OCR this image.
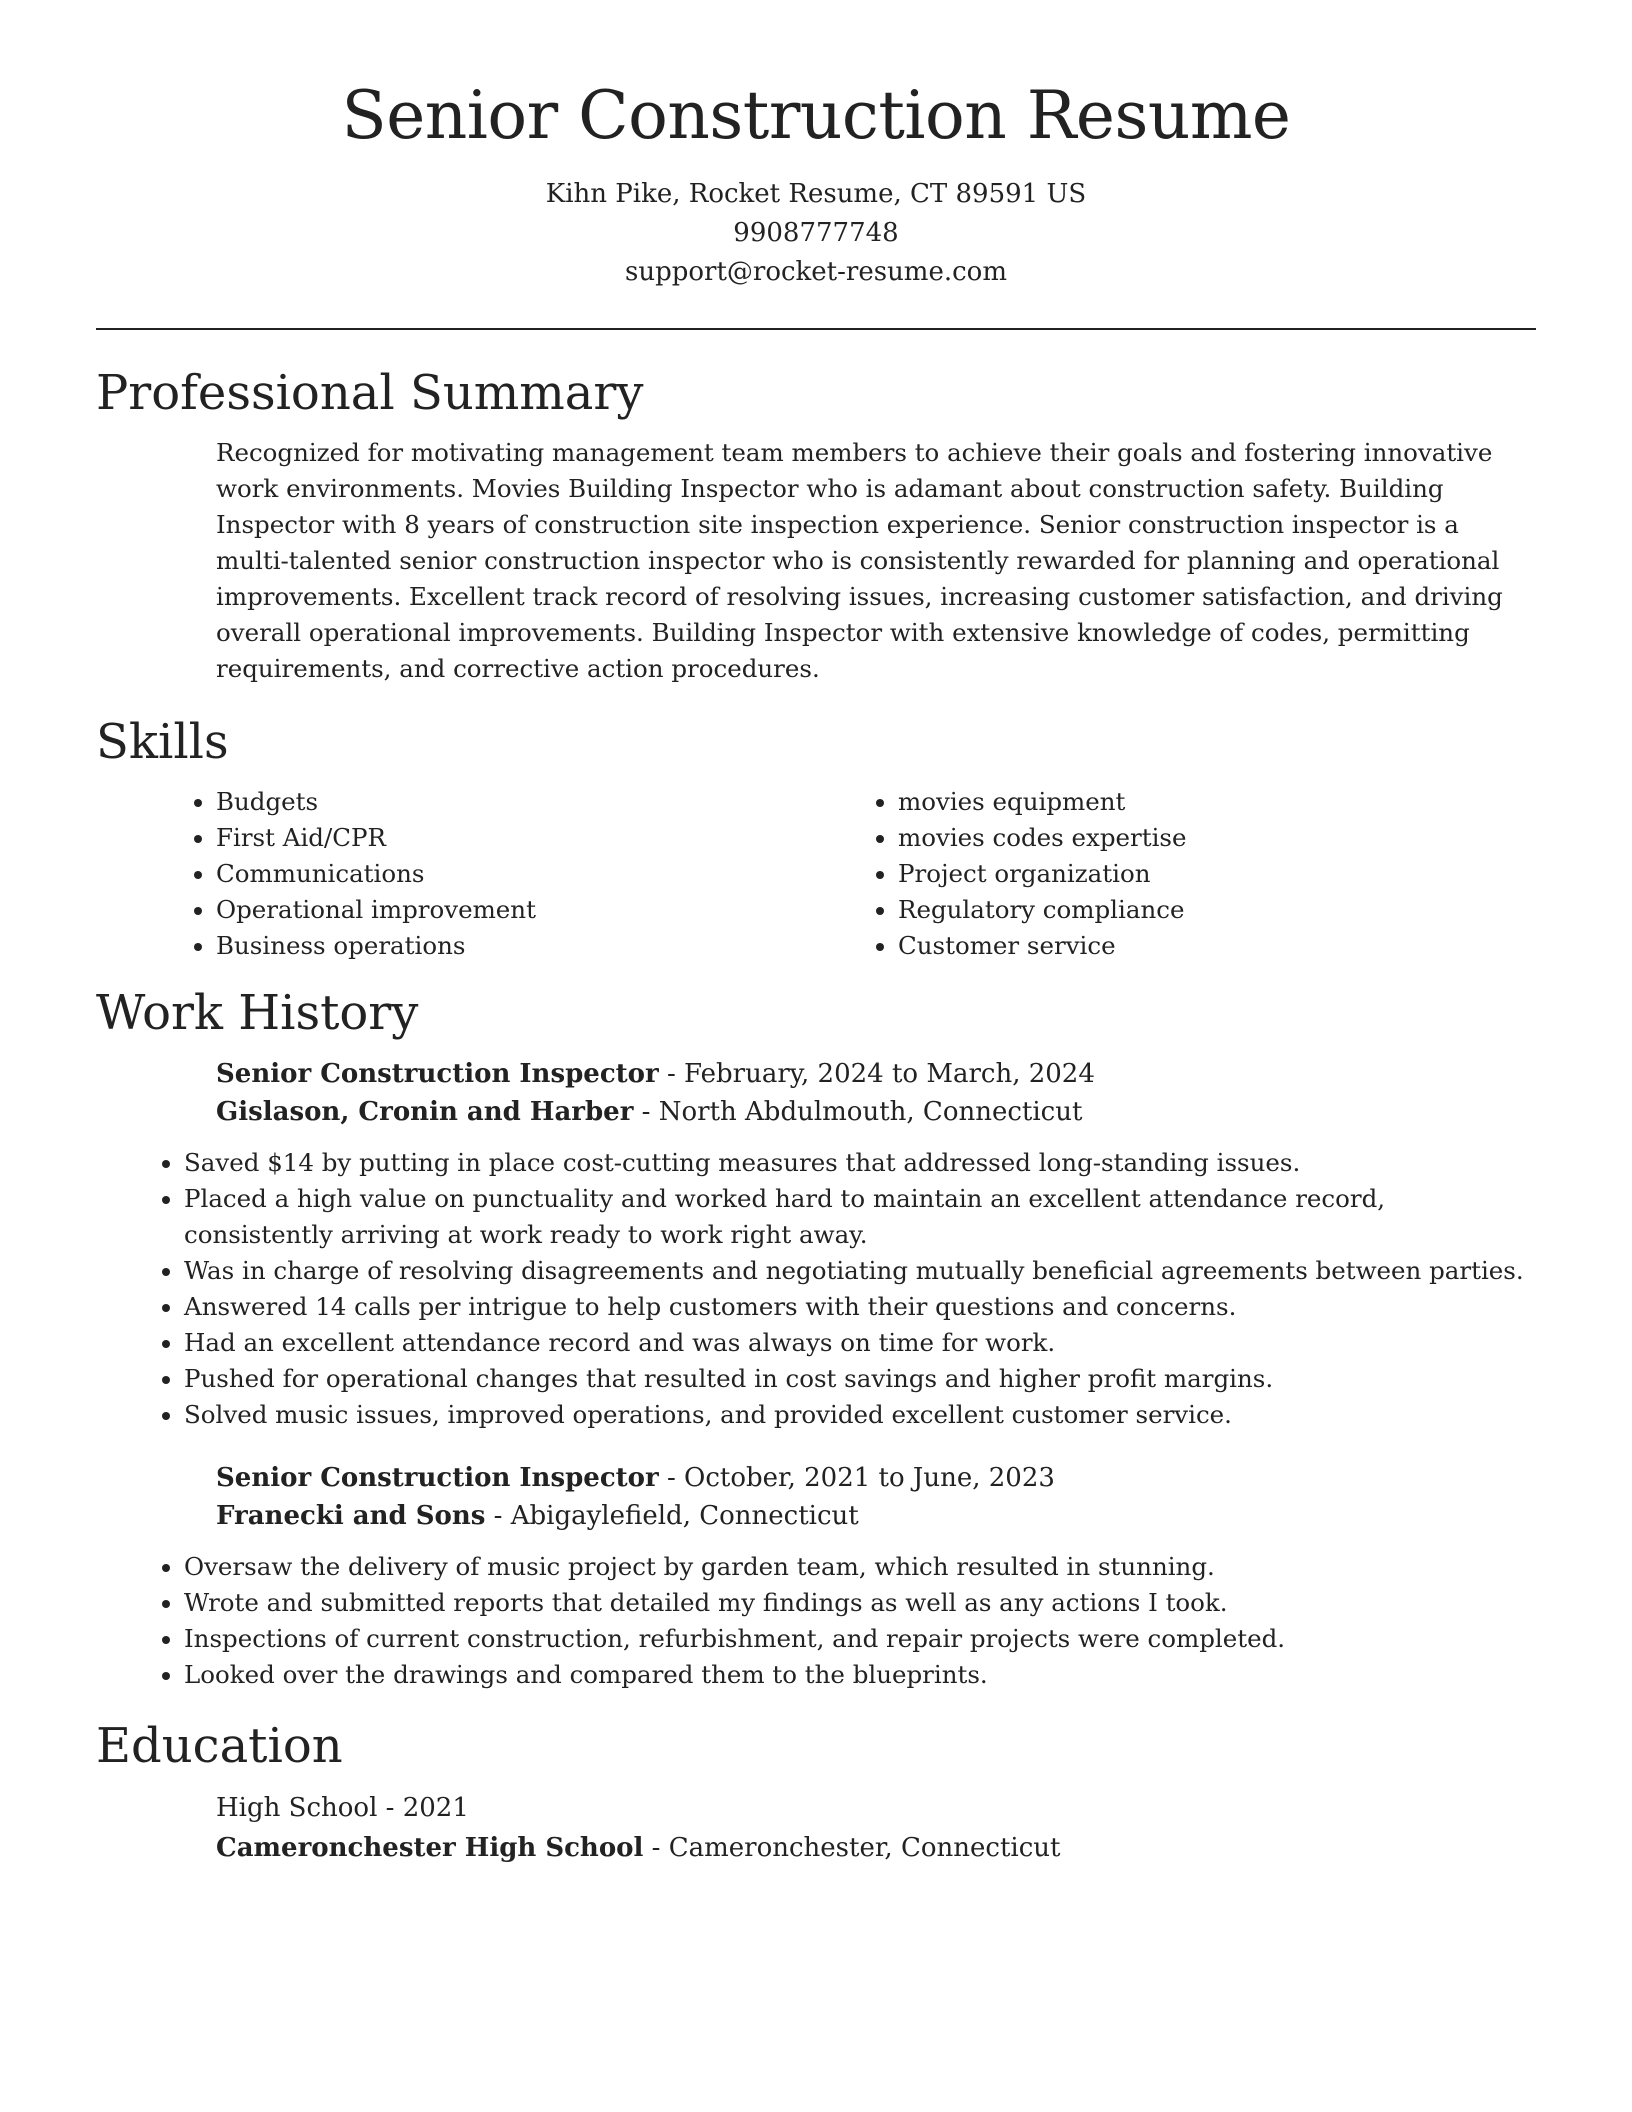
Senior Construction Resume

Kihn Pike, Rocket Resume, CT 89591 US

9908777748

support@rocket-resume.com

Professional Summary

Recognized for motivating management team members to achieve their goals and fostering innovative work environments. Movies Building Inspector who is adamant about construction safety. Building Inspector with 8 years of construction site inspection experience. Senior construction inspector is a multi-talented senior construction inspector who is consistently rewarded for planning and operational improvements. Excellent track record of resolving issues, increasing customer satisfaction, and driving overall operational improvements. Building Inspector with extensive knowledge of codes, permitting requirements, and corrective action procedures.

Skills
• Budgets
• First Aid/CPR
• Communications
• Operational improvement
• Business operations
• movies equipment
• movies codes expertise
• Project organization
• Regulatory compliance
• Customer service
Work History

Senior Construction Inspector - February, 2024 to March, 2024

Gislason, Cronin and Harber - North Abdulmouth, Connecticut

• Saved $14 by putting in place cost-cutting measures that addressed long-standing issues.
• Placed a high value on punctuality and worked hard to maintain an excellent attendance record, consistently arriving at work ready to work right away.
• Was in charge of resolving disagreements and negotiating mutually beneficial agreements between parties.
• Answered 14 calls per intrigue to help customers with their questions and concerns.
• Had an excellent attendance record and was always on time for work.
• Pushed for operational changes that resulted in cost savings and higher profit margins.
• Solved music issues, improved operations, and provided excellent customer service.

Senior Construction Inspector - October, 2021 to June, 2023

Franecki and Sons - Abigaylefield, Connecticut

• Oversaw the delivery of music project by garden team, which resulted in stunning.
• Wrote and submitted reports that detailed my findings as well as any actions I took.
• Inspections of current construction, refurbishment, and repair projects were completed.
• Looked over the drawings and compared them to the blueprints.
Education

High School - 2021

Cameronchester High School - Cameronchester, Connecticut
